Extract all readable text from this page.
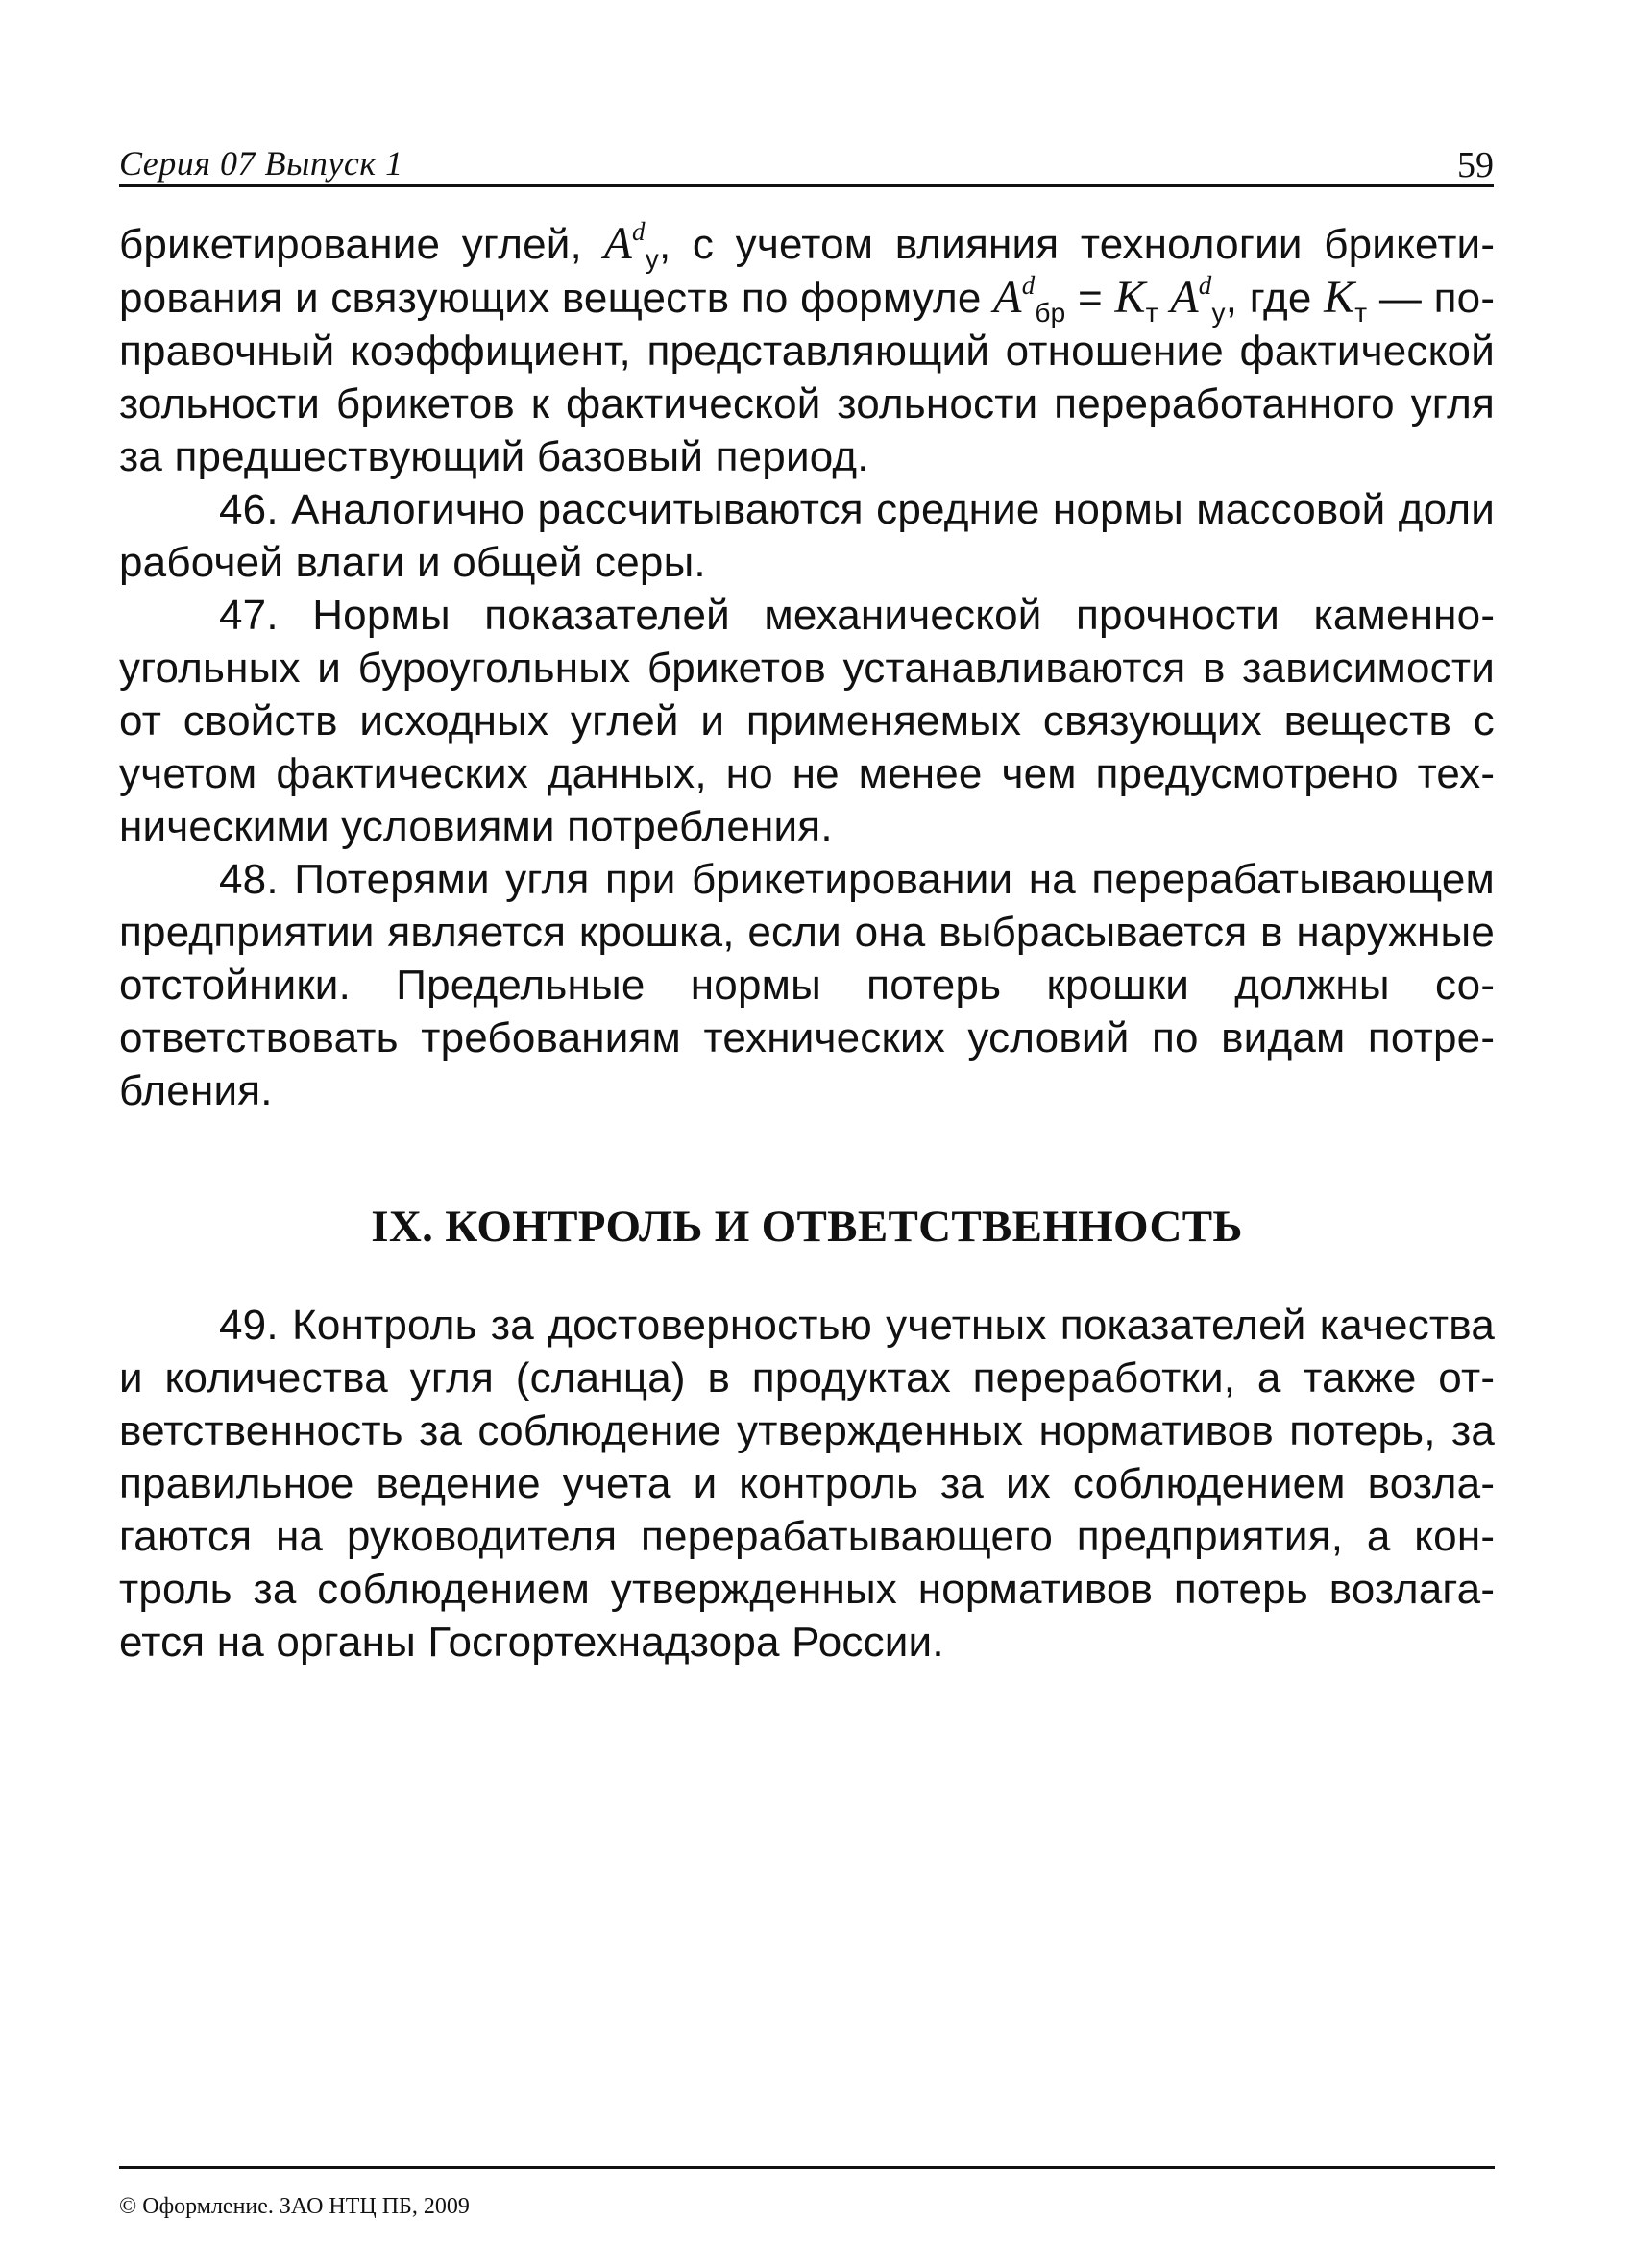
Серия 07 Выпуск 1	59

брикетирование углей, $A^d_у$, с учетом влияния технологии брикетирования и связующих веществ по формуле $A^d_{бр} = K_т$ $A^d_у$, где $K_т$ — поправочный коэффициент, представляющий отношение фактической зольности брикетов к фактической зольности переработанного угля за предшествующий базовый период.

46. Аналогично рассчитываются средние нормы массовой доли рабочей влаги и общей серы.

47. Нормы показателей механической прочности каменноугольных и буроугольных брикетов устанавливаются в зависимости от свойств исходных углей и применяемых связующих веществ с учетом фактических данных, но не менее чем предусмотрено техническими условиями потребления.

48. Потерями угля при брикетировании на перерабатывающем предприятии является крошка, если она выбрасывается в наружные отстойники. Предельные нормы потерь крошки должны соответствовать требованиям технических условий по видам потребления.

IX. КОНТРОЛЬ И ОТВЕТСТВЕННОСТЬ

49. Контроль за достоверностью учетных показателей качества и количества угля (сланца) в продуктах переработки, а также ответственность за соблюдение утвержденных нормативов потерь, за правильное ведение учета и контроль за их соблюдением возлагаются на руководителя перерабатывающего предприятия, а контроль за соблюдением утвержденных нормативов потерь возлагается на органы Госгортехнадзора России.

© Оформление. ЗАО НТЦ ПБ, 2009
